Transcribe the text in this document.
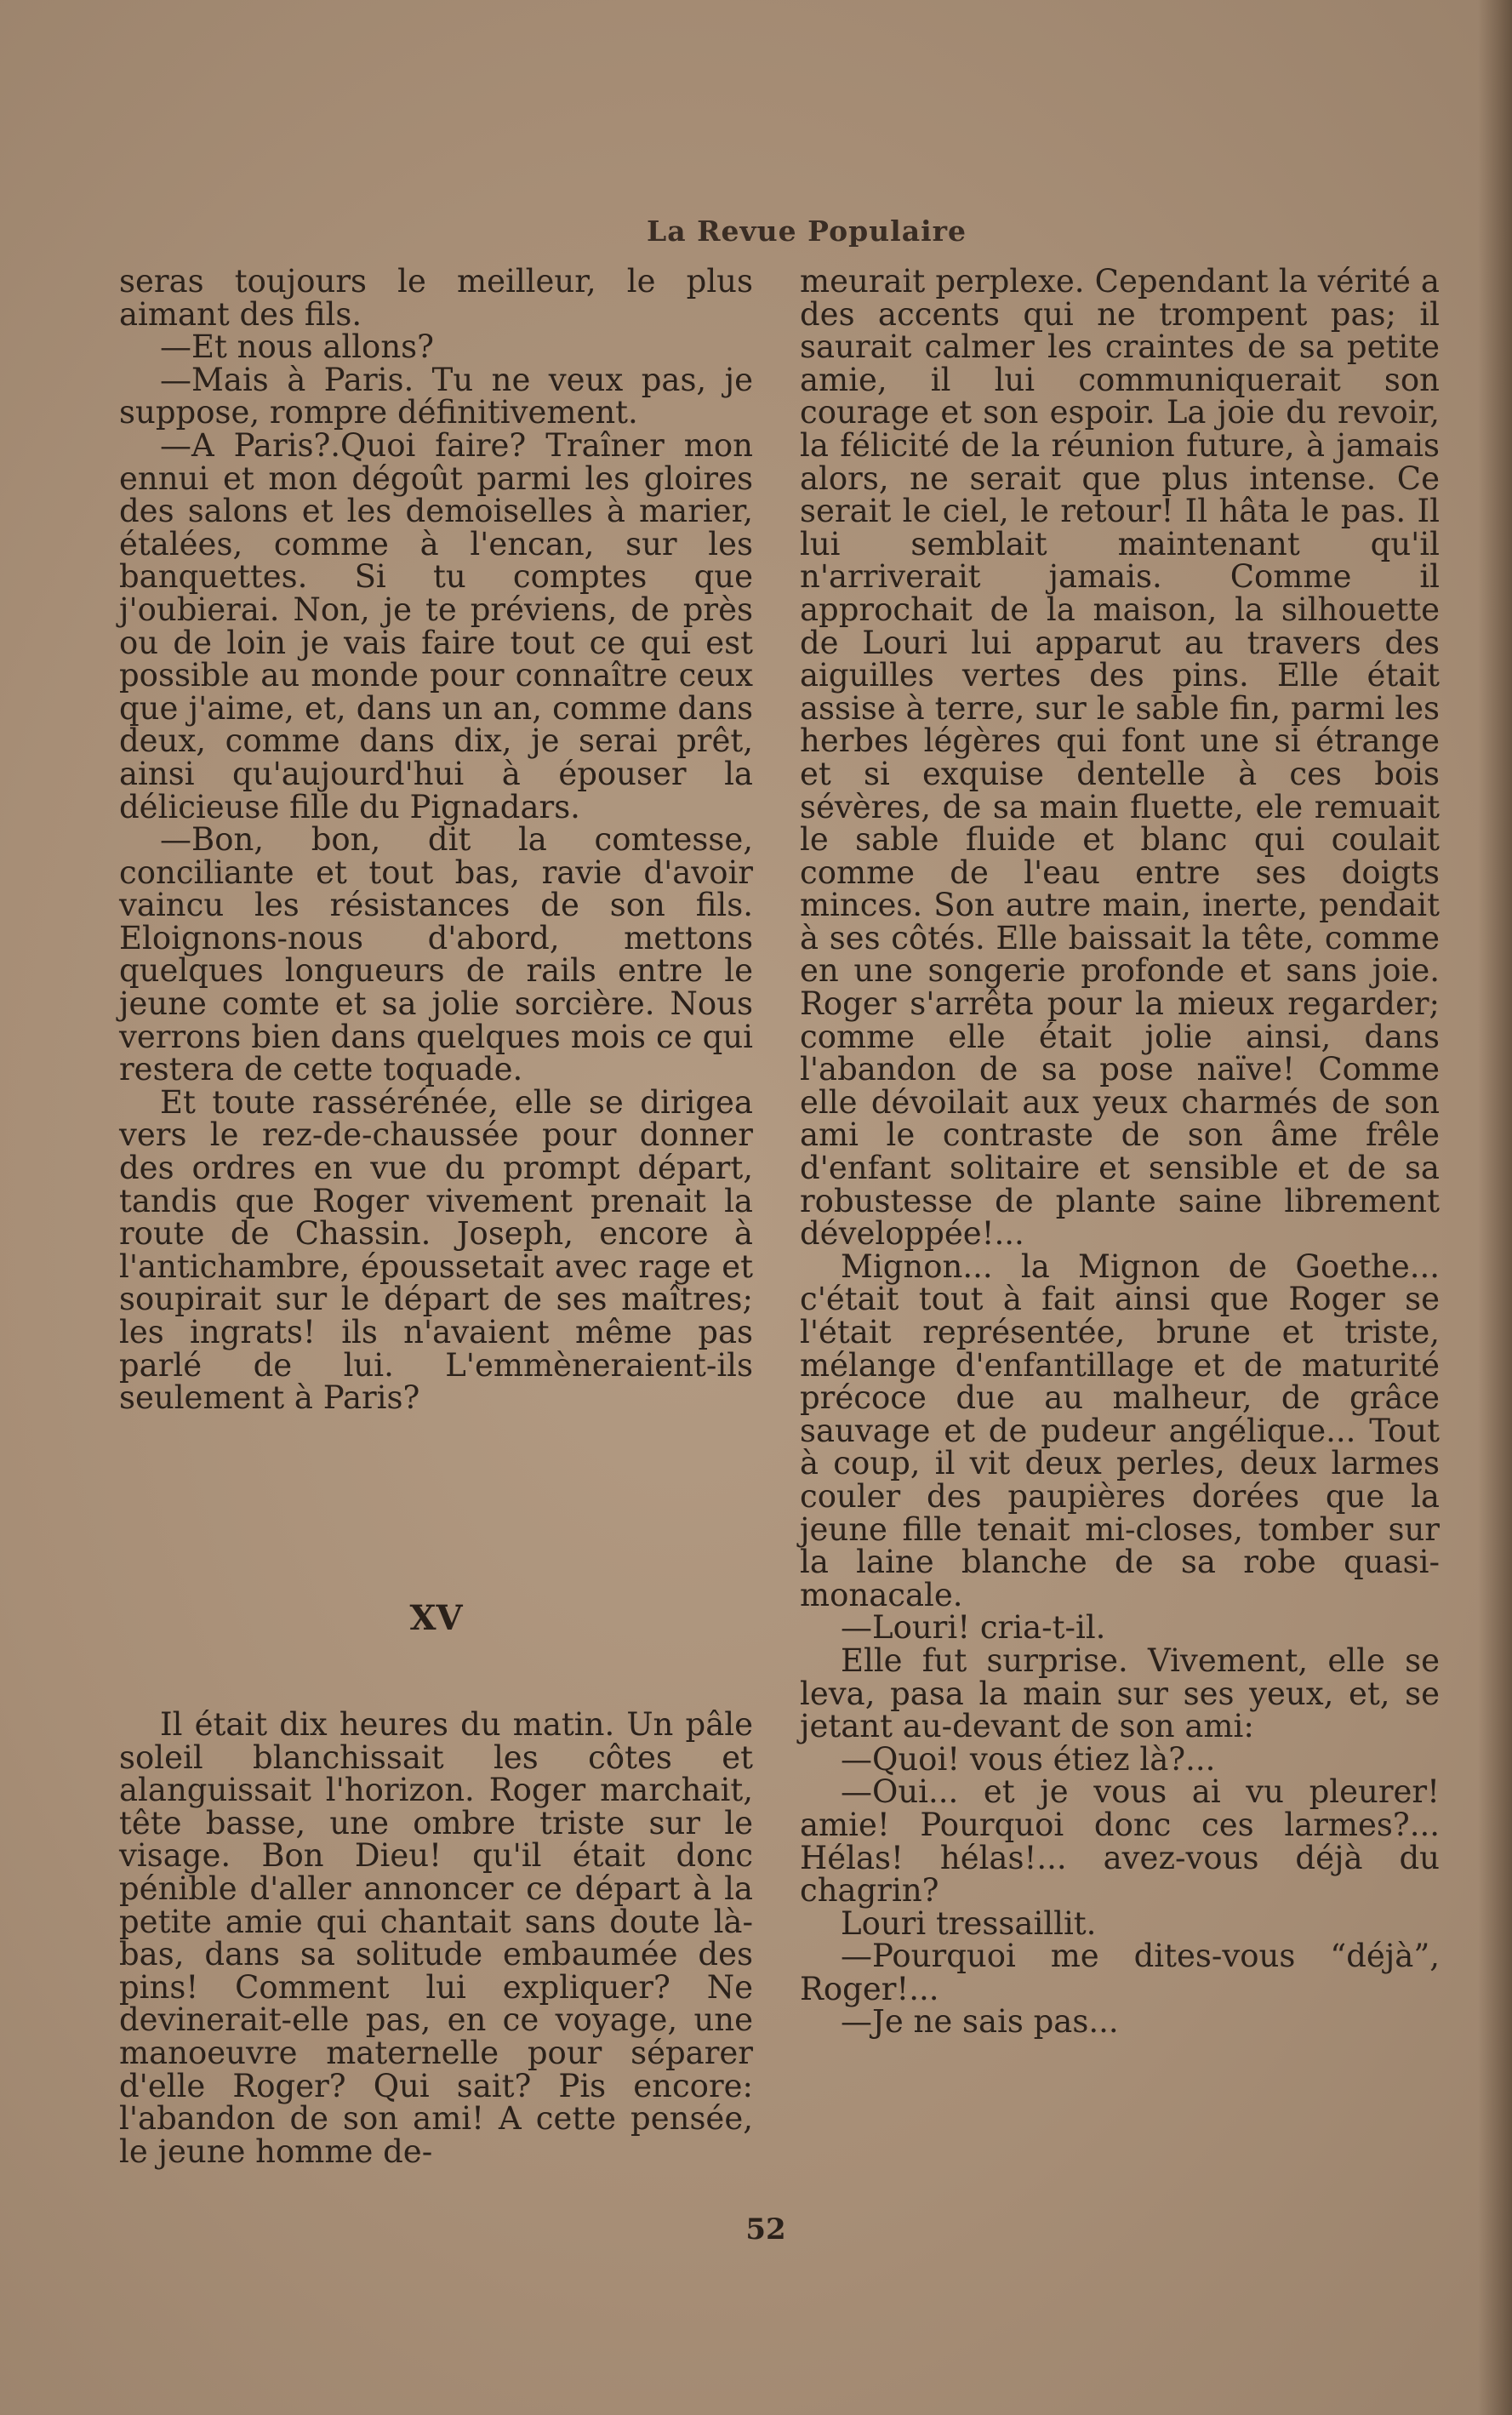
La Revue Populaire

seras toujours le meilleur, le plus aimant des fils.

—Et nous allons?

—Mais à Paris. Tu ne veux pas, je suppose, rompre définitivement.

—A Paris?.Quoi faire? Traîner mon ennui et mon dégoût parmi les gloires des salons et les demoiselles à marier, étalées, comme à l'encan, sur les banquettes. Si tu comptes que j'oubierai. Non, je te préviens, de près ou de loin je vais faire tout ce qui est possible au monde pour connaître ceux que j'aime, et, dans un an, comme dans deux, comme dans dix, je serai prêt, ainsi qu'aujourd'hui à épouser la délicieuse fille du Pignadars.

—Bon, bon, dit la comtesse, conciliante et tout bas, ravie d'avoir vaincu les résistances de son fils. Eloignons-nous d'abord, mettons quelques longueurs de rails entre le jeune comte et sa jolie sorcière. Nous verrons bien dans quelques mois ce qui restera de cette toquade.

Et toute rassérénée, elle se dirigea vers le rez-de-chaussée pour donner des ordres en vue du prompt départ, tandis que Roger vivement prenait la route de Chassin. Joseph, encore à l'antichambre, époussetait avec rage et soupirait sur le départ de ses maîtres; les ingrats! ils n'avaient même pas parlé de lui. L'emmèneraient-ils seulement à Paris?

XV

Il était dix heures du matin. Un pâle soleil blanchissait les côtes et alanguissait l'horizon. Roger marchait, tête basse, une ombre triste sur le visage. Bon Dieu! qu'il était donc pénible d'aller annoncer ce départ à la petite amie qui chantait sans doute là-bas, dans sa solitude embaumée des pins! Comment lui expliquer? Ne devinerait-elle pas, en ce voyage, une manoeuvre maternelle pour séparer d'elle Roger? Qui sait? Pis encore: l'abandon de son ami! A cette pensée, le jeune homme de-

meurait perplexe. Cependant la vérité a des accents qui ne trompent pas; il saurait calmer les craintes de sa petite amie, il lui communiquerait son courage et son espoir. La joie du revoir, la félicité de la réunion future, à jamais alors, ne serait que plus intense. Ce serait le ciel, le retour! Il hâta le pas. Il lui semblait maintenant qu'il n'arriverait jamais. Comme il approchait de la maison, la silhouette de Louri lui apparut au travers des aiguilles vertes des pins. Elle était assise à terre, sur le sable fin, parmi les herbes légères qui font une si étrange et si exquise dentelle à ces bois sévères, de sa main fluette, ele remuait le sable fluide et blanc qui coulait comme de l'eau entre ses doigts minces. Son autre main, inerte, pendait à ses côtés. Elle baissait la tête, comme en une songerie profonde et sans joie. Roger s'arrêta pour la mieux regarder; comme elle était jolie ainsi, dans l'abandon de sa pose naïve! Comme elle dévoilait aux yeux charmés de son ami le contraste de son âme frêle d'enfant solitaire et sensible et de sa robustesse de plante saine librement développée!...

Mignon... la Mignon de Goethe... c'était tout à fait ainsi que Roger se l'était représentée, brune et triste, mélange d'enfantillage et de maturité précoce due au malheur, de grâce sauvage et de pudeur angélique... Tout à coup, il vit deux perles, deux larmes couler des paupières dorées que la jeune fille tenait mi-closes, tomber sur la laine blanche de sa robe quasi-monacale.

—Louri! cria-t-il.

Elle fut surprise. Vivement, elle se leva, pasa la main sur ses yeux, et, se jetant au-devant de son ami:

—Quoi! vous étiez là?...

—Oui... et je vous ai vu pleurer! amie! Pourquoi donc ces larmes?... Hélas! hélas!... avez-vous déjà du chagrin?

Louri tressaillit.

—Pourquoi me dites-vous “déjà”, Roger!...

—Je ne sais pas...

52
